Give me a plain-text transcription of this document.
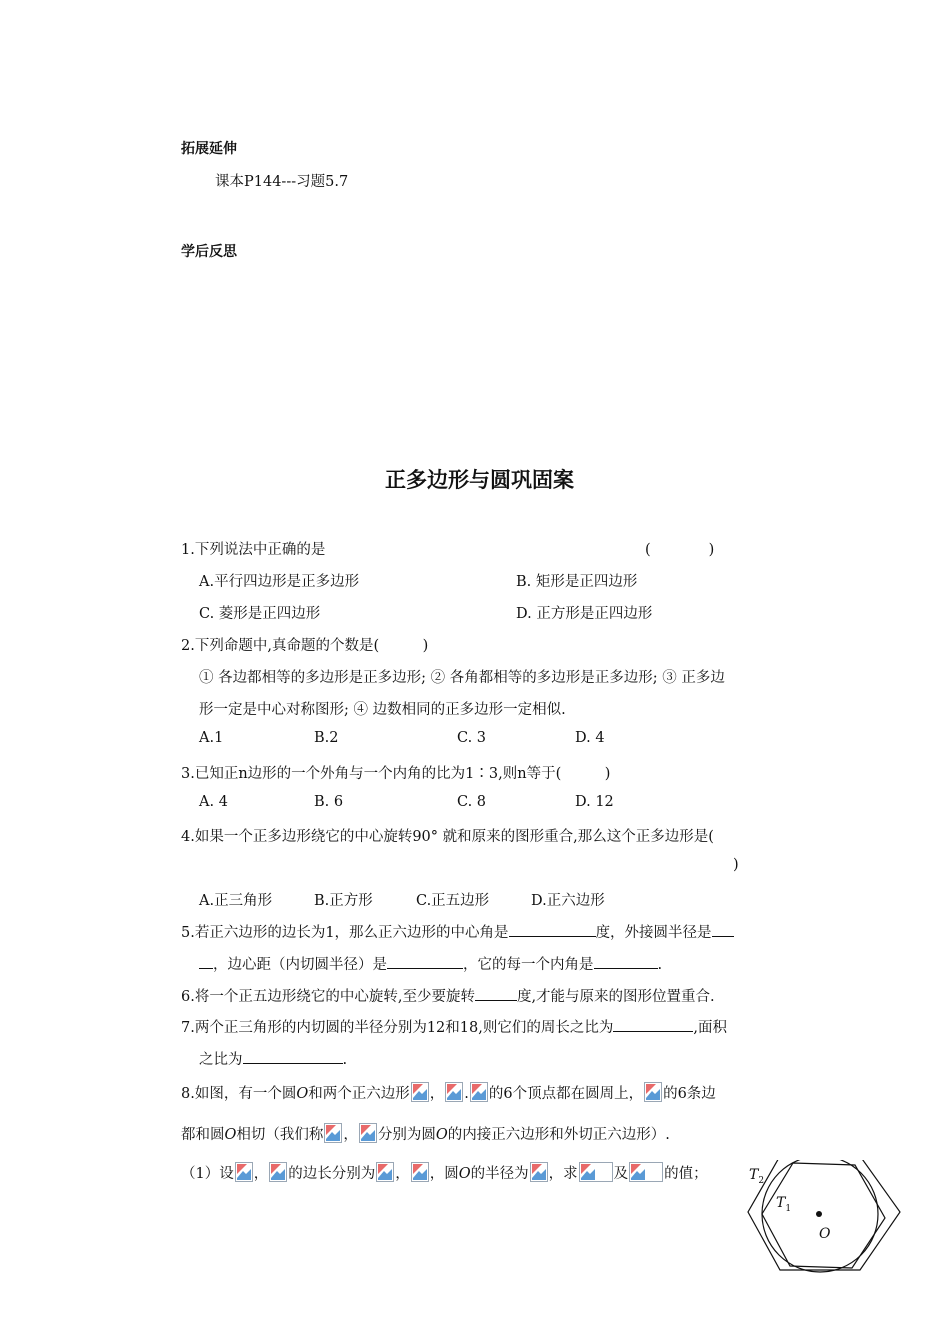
拓展延伸
课本P144---习题5.7
学后反思
正多边形与圆巩固案
1.下列说法中正确的是	(　　　　)
A.平行四边形是正多边形	B. 矩形是正四边形
C. 菱形是正四边形	D. 正方形是正四边形
2.下列命题中,真命题的个数是(　　　)
① 各边都相等的多边形是正多边形; ② 各角都相等的多边形是正多边形; ③ 正多边
形一定是中心对称图形; ④ 边数相同的正多边形一定相似.
A.1	B.2	C. 3	D. 4
3.已知正n边形的一个外角与一个内角的比为1∶3,则n等于(　　　)
A. 4	B. 6	C. 8	D. 12
4.如果一个正多边形绕它的中心旋转90° 就和原来的图形重合,那么这个正多边形是(
)
A.正三角形	B.正方形	C.正五边形	D.正六边形
5.若正六边形的边长为1，那么正六边形的中心角是	度，外接圆半径是
，边心距（内切圆半径）是	，它的每一个内角是	.
6.将一个正五边形绕它的中心旋转,至少要旋转	度,才能与原来的图形位置重合.
7.两个正三角形的内切圆的半径分别为12和18,则它们的周长之比为	,面积
之比为	.
8.如图，有一个圆O和两个正六边形 ， . 的6个顶点都在圆周上， 的6条边
都和圆O相切（我们称 ， 分别为圆O的内接正六边形和外切正六边形）.
（1）设 ， 的边长分别为 ， ，圆O的半径为 ，求 及 的值；	$T_2$
$T_1$
O
